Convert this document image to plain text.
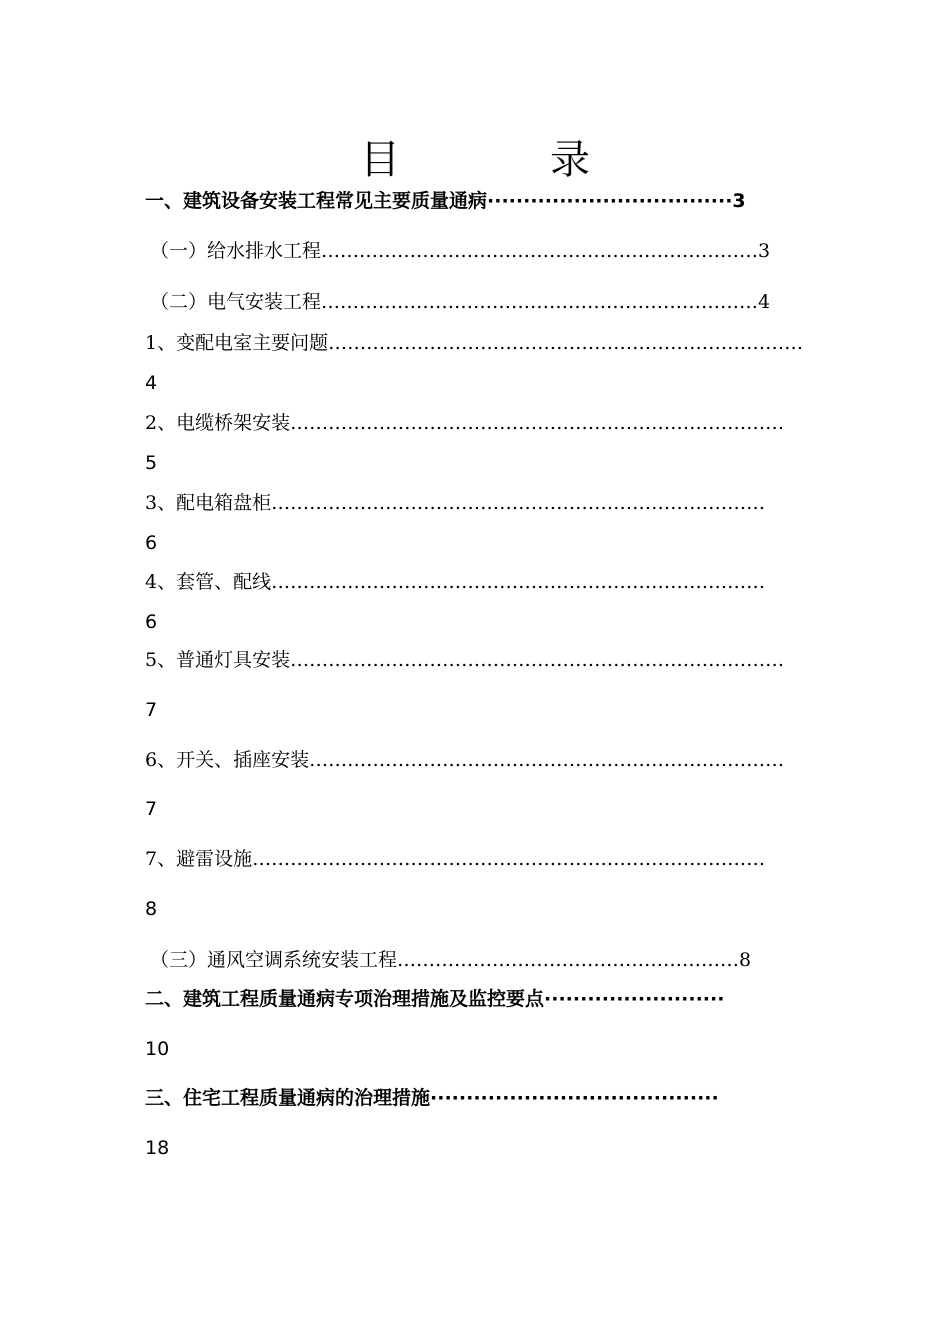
目	录
一、建筑设备安装工程常见主要质量通病··································3
（一）给水排水工程……………………………………………………………3
（二）电气安装工程……………………………………………………………4
1、变配电室主要问题…………………………………………………………………
4
2、电缆桥架安装……………………………………………………………………
5
3、配电箱盘柜……………………………………………………………………
6
4、套管、配线……………………………………………………………………
6
5、普通灯具安装……………………………………………………………………
7
6、开关、插座安装…………………………………………………………………
7
7、避雷设施………………………………………………………………………
8
（三）通风空调系统安装工程………………………………………………8
二、建筑工程质量通病专项治理措施及监控要点·························
10
三、住宅工程质量通病的治理措施········································
18
